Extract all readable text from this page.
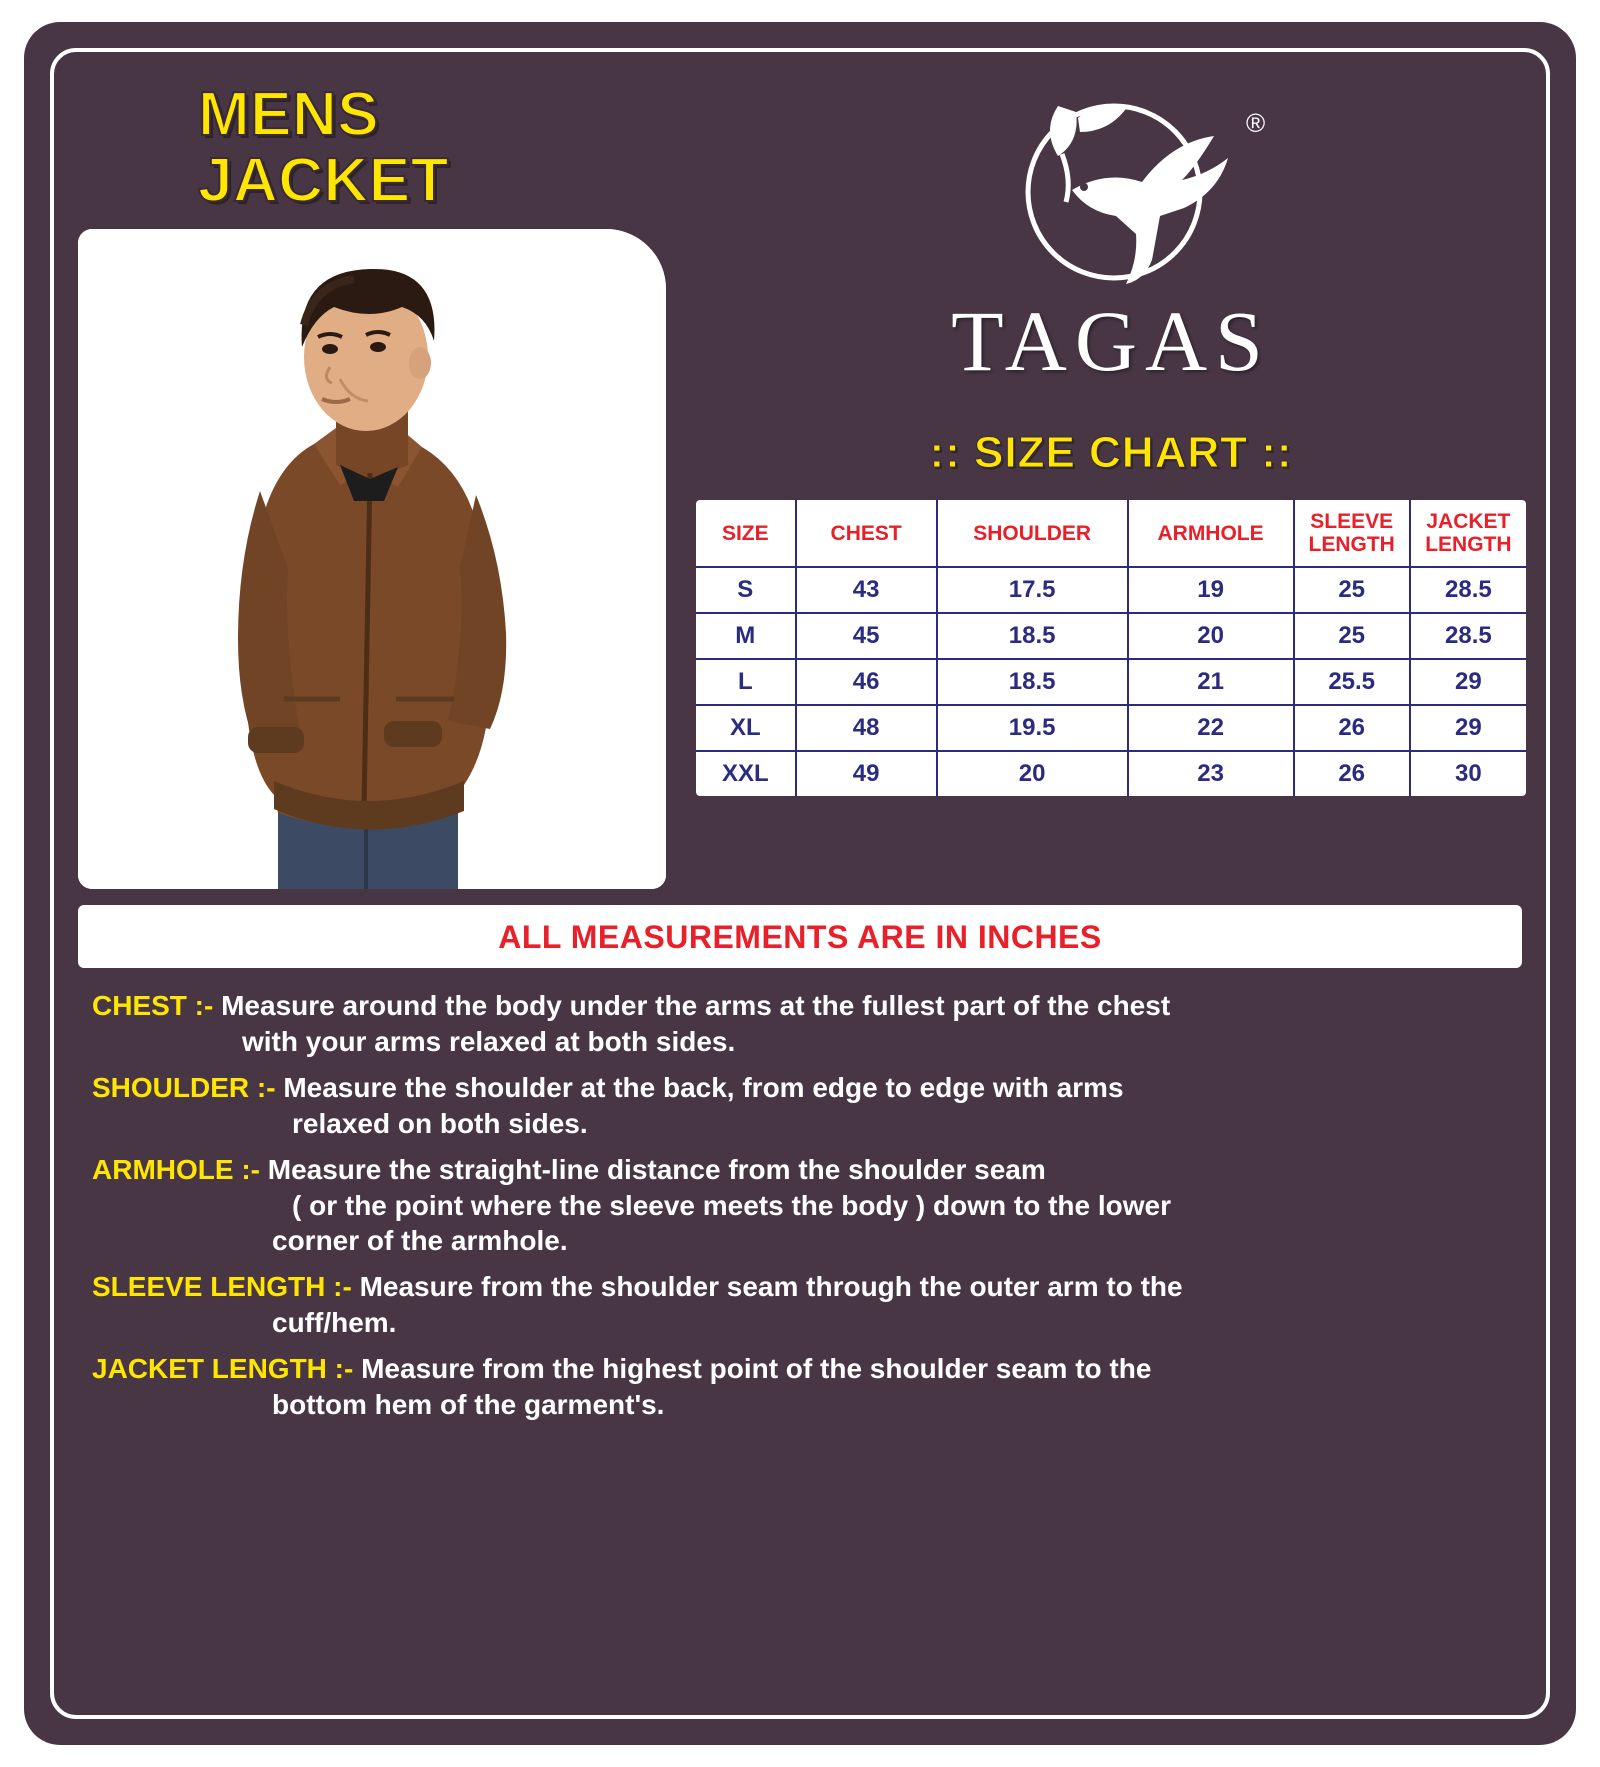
MENS
JACKET
®
TAGAS
:: SIZE CHART ::
SIZE	CHEST	SHOULDER	ARMHOLE	SLEEVE LENGTH	JACKET LENGTH
S	43	17.5	19	25	28.5
M	45	18.5	20	25	28.5
L	46	18.5	21	25.5	29
XL	48	19.5	22	26	29
XXL	49	20	23	26	30
ALL MEASUREMENTS ARE IN INCHES
CHEST :- Measure around the body under the arms at the fullest part of the chest
with your arms relaxed at both sides.
SHOULDER :- Measure the shoulder at the back, from edge to edge with arms
relaxed on both sides.
ARMHOLE :- Measure the straight-line distance from the shoulder seam
( or the point where the sleeve meets the body ) down to the lower
corner of the armhole.
SLEEVE LENGTH :- Measure from the shoulder seam through the outer arm to the
cuff/hem.
JACKET LENGTH :- Measure from the highest point of the shoulder seam to the
bottom hem of the garment's.
